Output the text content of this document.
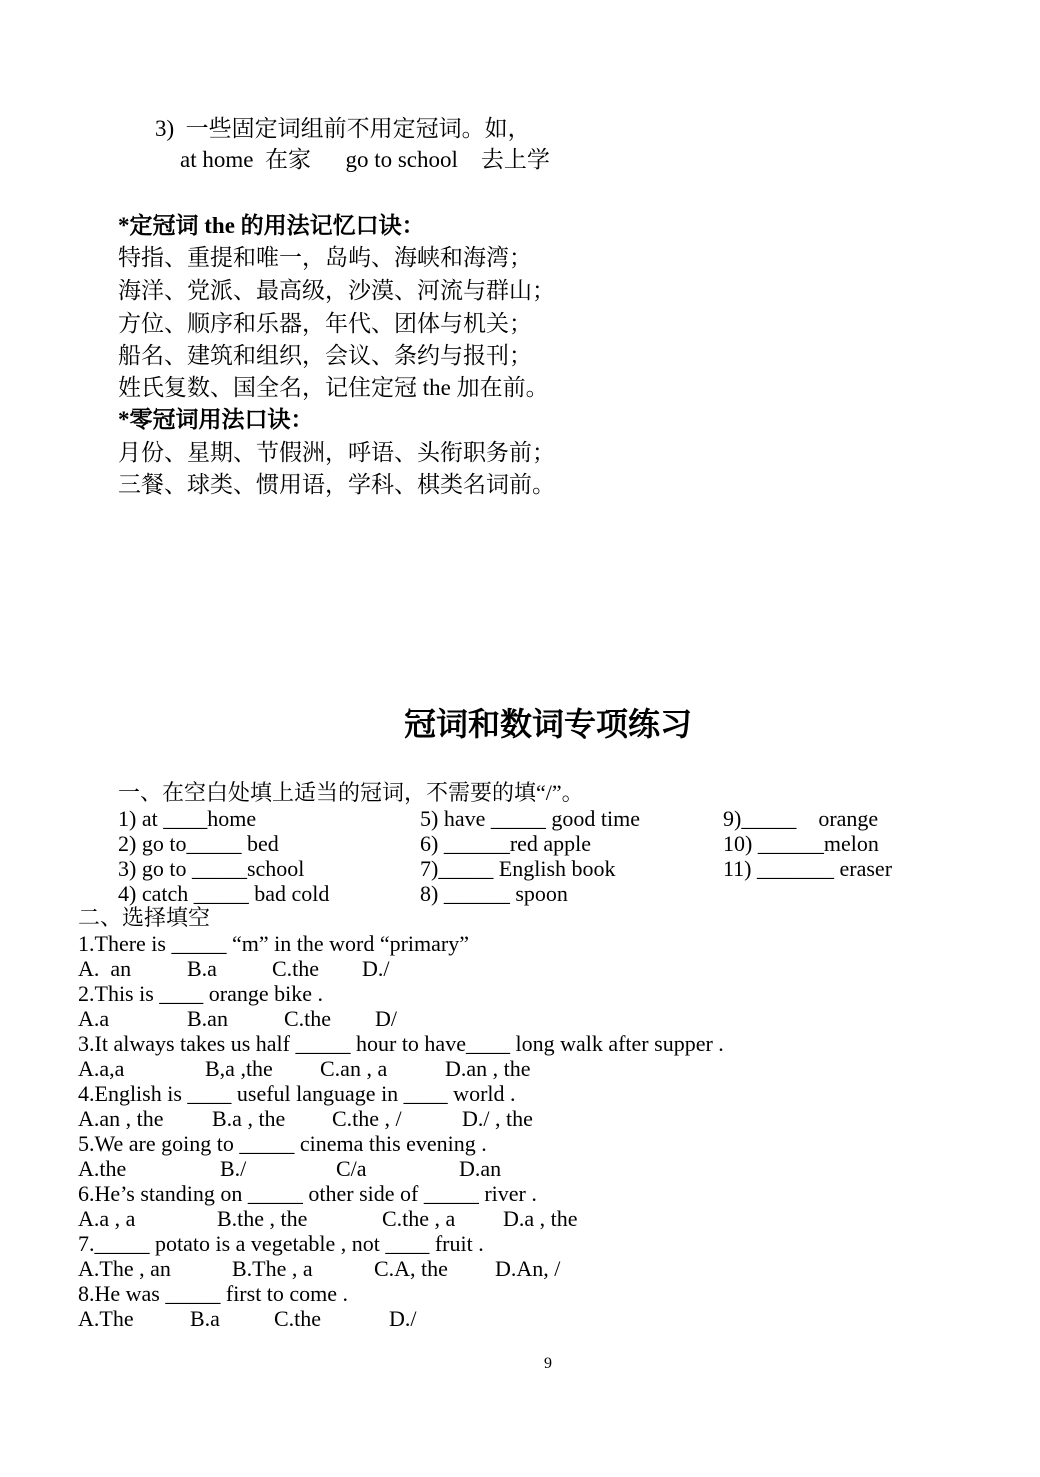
3)  一些固定词组前不用定冠词。如，
at home  在家      go to school    去上学
*定冠词 the 的用法记忆口诀：
特指、重提和唯一，岛屿、海峡和海湾；
海洋、党派、最高级，沙漠、河流与群山；
方位、顺序和乐器，年代、团体与机关；
船名、建筑和组织，会议、条约与报刊；
姓氏复数、国全名，记住定冠 the 加在前。
*零冠词用法口诀：
月份、星期、节假洲，呼语、头衔职务前；
三餐、球类、惯用语，学科、棋类名词前。
冠词和数词专项练习
一、在空白处填上适当的冠词，不需要的填“/”。
1) at ____home	5) have _____ good time	9)_____    orange
2) go to_____ bed	6) ______red apple	10) ______melon
3) go to _____school	7)_____ English book	11) _______ eraser
4) catch _____ bad cold	8) ______ spoon
二、选择填空
1.There is _____ “m” in the word “primary”
A.  an	B.a	C.the D./
2.This is ____ orange bike .
A.a	B.an	C.the D/
3.It always takes us half _____ hour to have____ long walk after supper .
A.a,a	B,a ,the C.an , a	D.an , the
4.English is ____ useful language in ____ world .
A.an , the B.a , the C.the , /	D./ , the
5.We are going to _____ cinema this evening .
A.the	B./	C/a	D.an
6.He’s standing on _____ other side of _____ river .
A.a , a	B.the , the	C.the , a D.a , the
7._____ potato is a vegetable , not ____ fruit .
A.The , an	B.The , a	C.A, the D.An, /
8.He was _____ first to come .
A.The	B.a C.the	D./
9
